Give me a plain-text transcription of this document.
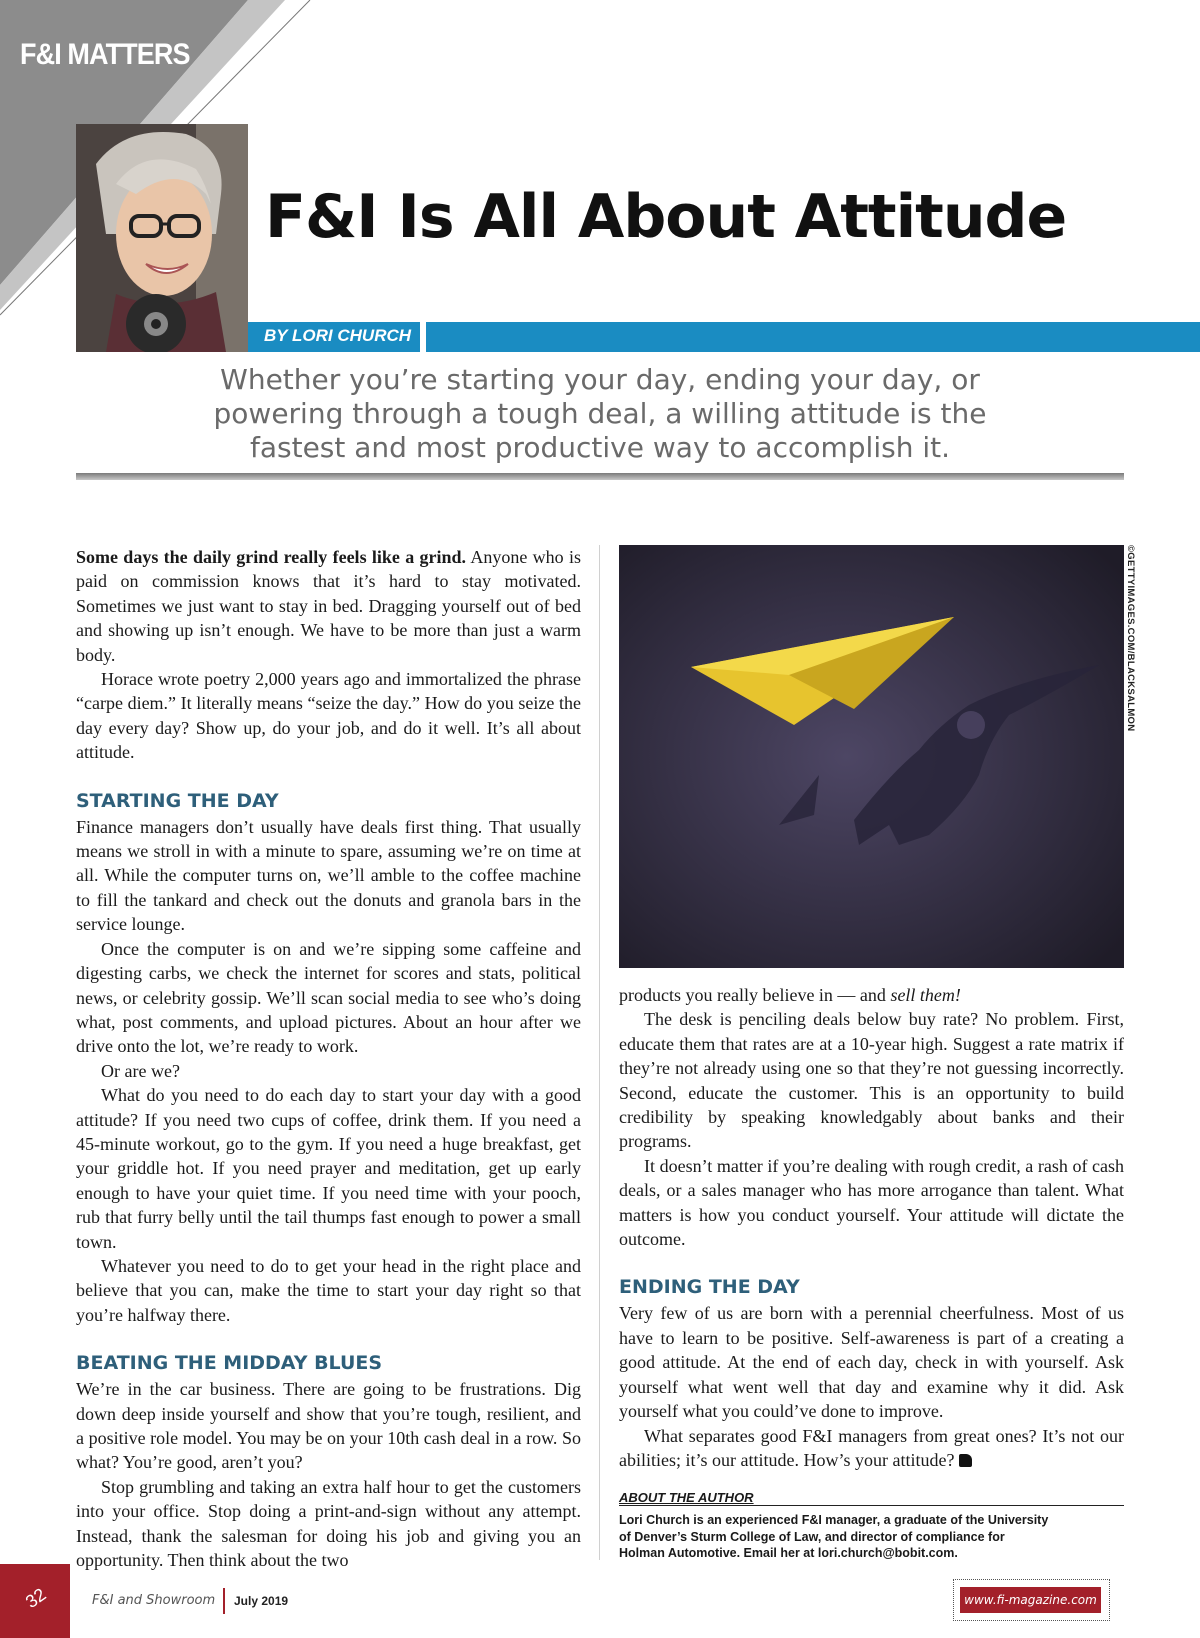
F&I MATTERS
F&I Is All About Attitude
BY LORI CHURCH
Whether you’re starting your day, ending your day, or
powering through a tough deal, a willing attitude is the
fastest and most productive way to accomplish it.

Some days the daily grind really feels like a grind. Anyone who is paid on commission knows that it’s hard to stay motivated. Sometimes we just want to stay in bed. Dragging yourself out of bed and showing up isn’t enough. We have to be more than just a warm body.

Horace wrote poetry 2,000 years ago and immortalized the phrase “carpe diem.” It literally means “seize the day.” How do you seize the day every day? Show up, do your job, and do it well. It’s all about attitude.

STARTING THE DAY

Finance managers don’t usually have deals first thing. That usually means we stroll in with a minute to spare, assuming we’re on time at all. While the computer turns on, we’ll amble to the coffee machine to fill the tankard and check out the donuts and granola bars in the service lounge.

Once the computer is on and we’re sipping some caffeine and digesting carbs, we check the internet for scores and stats, political news, or celebrity gossip. We’ll scan social media to see who’s doing what, post comments, and upload pictures. About an hour after we drive onto the lot, we’re ready to work.

Or are we?

What do you need to do each day to start your day with a good attitude? If you need two cups of coffee, drink them. If you need a 45-minute workout, go to the gym. If you need a huge breakfast, get your griddle hot. If you need prayer and meditation, get up early enough to have your quiet time. If you need time with your pooch, rub that furry belly until the tail thumps fast enough to power a small town.

Whatever you need to do to get your head in the right place and believe that you can, make the time to start your day right so that you’re halfway there.

BEATING THE MIDDAY BLUES

We’re in the car business. There are going to be frustrations. Dig down deep inside yourself and show that you’re tough, resilient, and a positive role model. You may be on your 10th cash deal in a row. So what? You’re good, aren’t you?

Stop grumbling and taking an extra half hour to get the customers into your office. Stop doing a print-and-sign without any attempt. Instead, thank the salesman for doing his job and giving you an opportunity. Then think about the two

©GETTYIMAGES.COM/BLACKSALMON

products you really believe in — and sell them!

The desk is penciling deals below buy rate? No problem. First, educate them that rates are at a 10-year high. Suggest a rate matrix if they’re not already using one so that they’re not guessing incorrectly. Second, educate the customer. This is an opportunity to build credibility by speaking knowledgably about banks and their programs.

It doesn’t matter if you’re dealing with rough credit, a rash of cash deals, or a sales manager who has more arrogance than talent. What matters is how you conduct yourself. Your attitude will dictate the outcome.

ENDING THE DAY

Very few of us are born with a perennial cheerfulness. Most of us have to learn to be positive. Self-awareness is part of a creating a good attitude. At the end of each day, check in with yourself. Ask yourself what went well that day and examine why it did. Ask yourself what you could’ve done to improve.

What separates good F&I managers from great ones? It’s not our abilities; it’s our attitude. How’s your attitude?

ABOUT THE AUTHOR
Lori Church is an experienced F&I manager, a graduate of the University
of Denver’s Sturm College of Law, and director of compliance for
Holman Automotive. Email her at lori.church@bobit.com.
32	F&I and Showroom July 2019	www.fi-magazine.com
